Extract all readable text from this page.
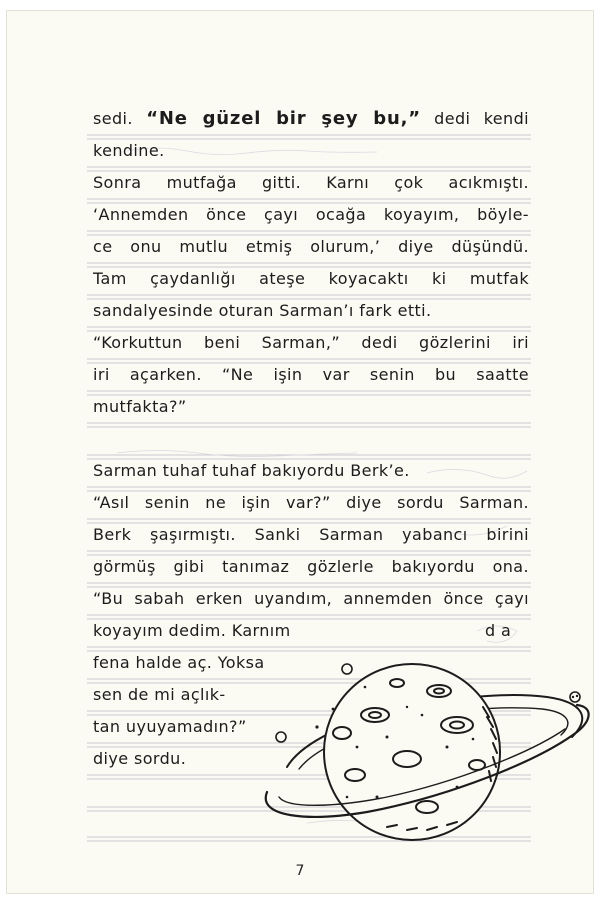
sedi. “Ne güzel bir şey bu,” dedi kendi
kendine.
Sonra mutfağa gitti. Karnı çok acıkmıştı.
‘Annemden önce çayı ocağa koyayım, böyle-
ce onu mutlu etmiş olurum,’ diye düşündü.
Tam çaydanlığı ateşe koyacaktı ki mutfak
sandalyesinde oturan Sarman’ı fark etti.
“Korkuttun beni Sarman,” dedi gözlerini iri
iri açarken. “Ne işin var senin bu saatte
mutfakta?”
Sarman tuhaf tuhaf bakıyordu Berk’e.
“Asıl senin ne işin var?” diye sordu Sarman.
Berk şaşırmıştı. Sanki Sarman yabancı birini
görmüş gibi tanımaz gözlerle bakıyordu ona.
“Bu sabah erken uyandım, annemden önce çayı
koyayım dedim. Karnım	d a
fena halde aç. Yoksa
sen de mi açlık-
tan uyuyamadın?”
diye sordu.
7
